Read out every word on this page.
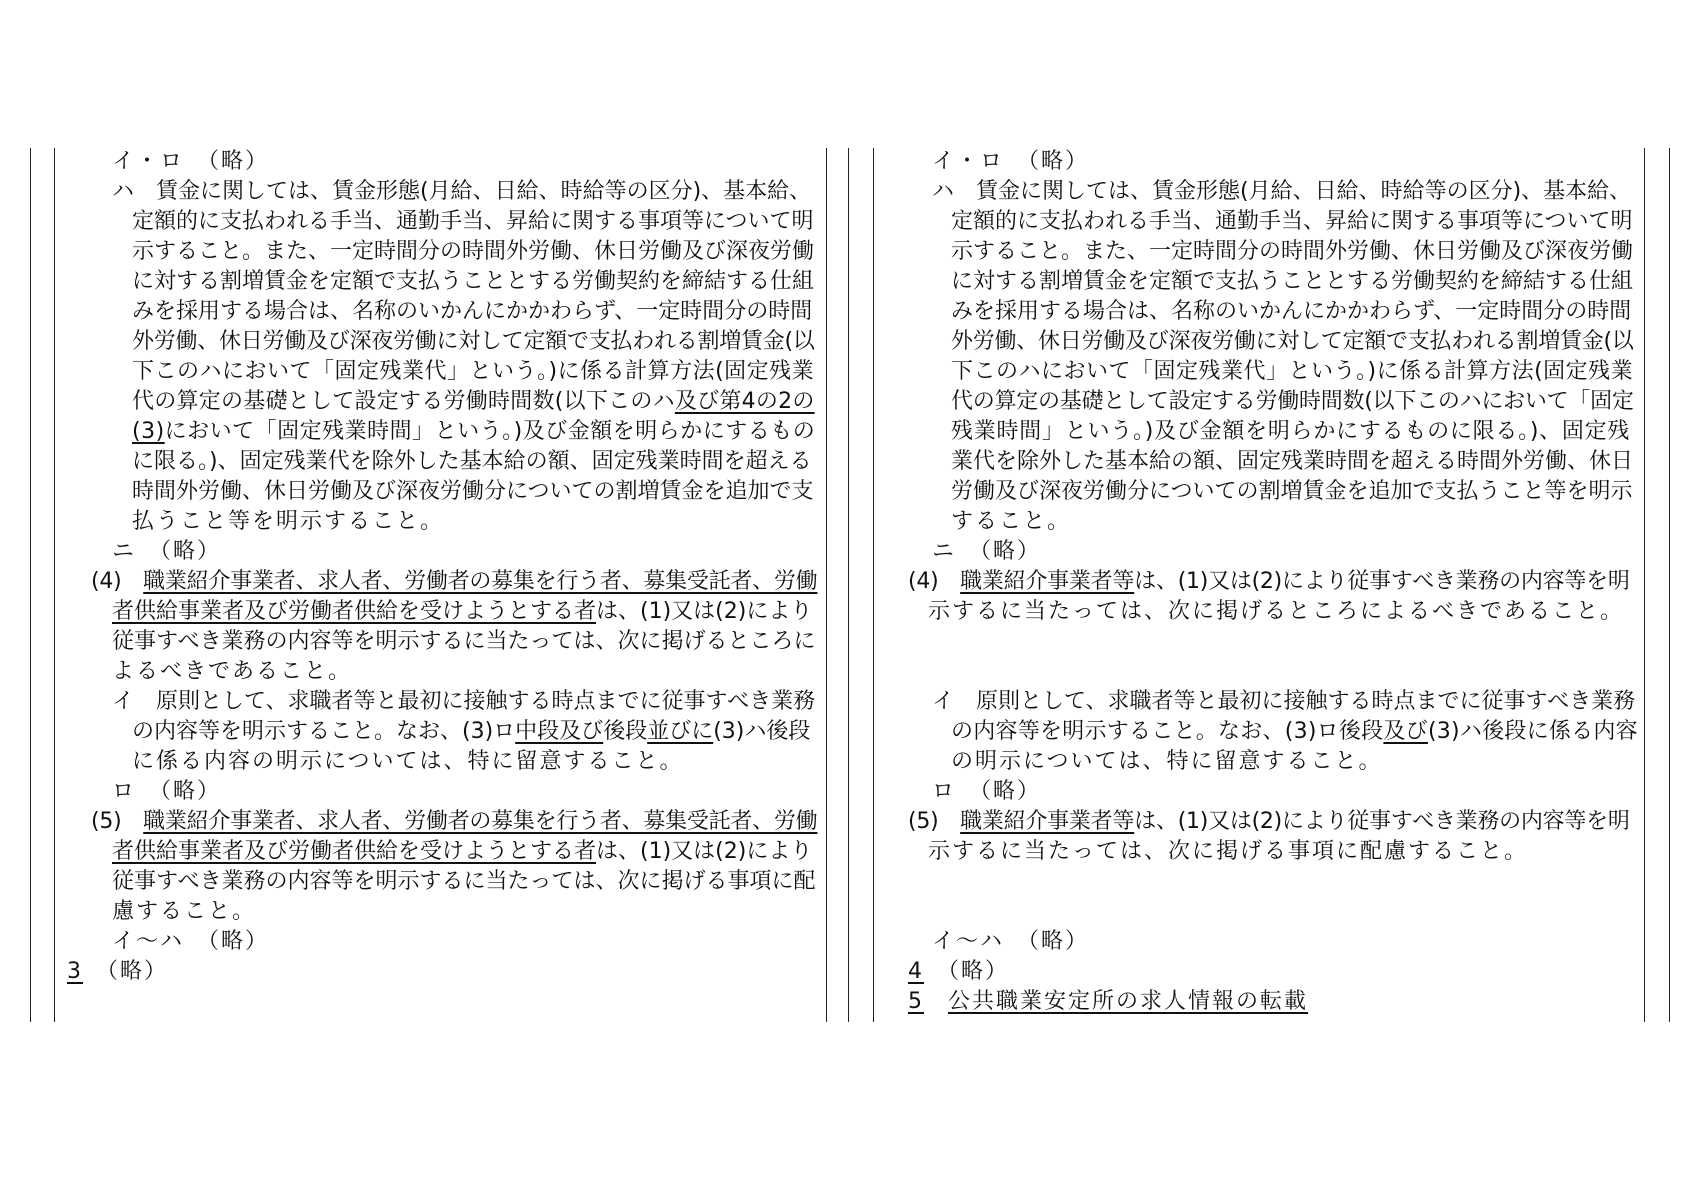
イ・ロ　（略）
ハ　賃金に関しては、賃金形態(月給、日給、時給等の区分)、基本給、
定額的に支払われる手当、通勤手当、昇給に関する事項等について明
示すること。また、一定時間分の時間外労働、休日労働及び深夜労働
に対する割増賃金を定額で支払うこととする労働契約を締結する仕組
みを採用する場合は、名称のいかんにかかわらず、一定時間分の時間
外労働、休日労働及び深夜労働に対して定額で支払われる割増賃金(以
下このハにおいて「固定残業代」という。)に係る計算方法(固定残業
代の算定の基礎として設定する労働時間数(以下このハ及び第4の2の
(3)において「固定残業時間」という。)及び金額を明らかにするもの
に限る。)、固定残業代を除外した基本給の額、固定残業時間を超える
時間外労働、休日労働及び深夜労働分についての割増賃金を追加で支
払うこと等を明示すること。
ニ　（略）
(4)　職業紹介事業者、求人者、労働者の募集を行う者、募集受託者、労働
者供給事業者及び労働者供給を受けようとする者は、(1)又は(2)により
従事すべき業務の内容等を明示するに当たっては、次に掲げるところに
よるべきであること。
イ　原則として、求職者等と最初に接触する時点までに従事すべき業務
の内容等を明示すること。なお、(3)ロ中段及び後段並びに(3)ハ後段
に係る内容の明示については、特に留意すること。
ロ　（略）
(5)　職業紹介事業者、求人者、労働者の募集を行う者、募集受託者、労働
者供給事業者及び労働者供給を受けようとする者は、(1)又は(2)により
従事すべき業務の内容等を明示するに当たっては、次に掲げる事項に配
慮すること。
イ～ハ　（略）
3　（略）
イ・ロ　（略）
ハ　賃金に関しては、賃金形態(月給、日給、時給等の区分)、基本給、
定額的に支払われる手当、通勤手当、昇給に関する事項等について明
示すること。また、一定時間分の時間外労働、休日労働及び深夜労働
に対する割増賃金を定額で支払うこととする労働契約を締結する仕組
みを採用する場合は、名称のいかんにかかわらず、一定時間分の時間
外労働、休日労働及び深夜労働に対して定額で支払われる割増賃金(以
下このハにおいて「固定残業代」という。)に係る計算方法(固定残業
代の算定の基礎として設定する労働時間数(以下このハにおいて「固定
残業時間」という。)及び金額を明らかにするものに限る。)、固定残
業代を除外した基本給の額、固定残業時間を超える時間外労働、休日
労働及び深夜労働分についての割増賃金を追加で支払うこと等を明示
すること。
ニ　（略）
(4)　職業紹介事業者等は、(1)又は(2)により従事すべき業務の内容等を明
示するに当たっては、次に掲げるところによるべきであること。
イ　原則として、求職者等と最初に接触する時点までに従事すべき業務
の内容等を明示すること。なお、(3)ロ後段及び(3)ハ後段に係る内容
の明示については、特に留意すること。
ロ　（略）
(5)　職業紹介事業者等は、(1)又は(2)により従事すべき業務の内容等を明
示するに当たっては、次に掲げる事項に配慮すること。
イ～ハ　（略）
4　（略）
5　 公共職業安定所の求人情報の転載
